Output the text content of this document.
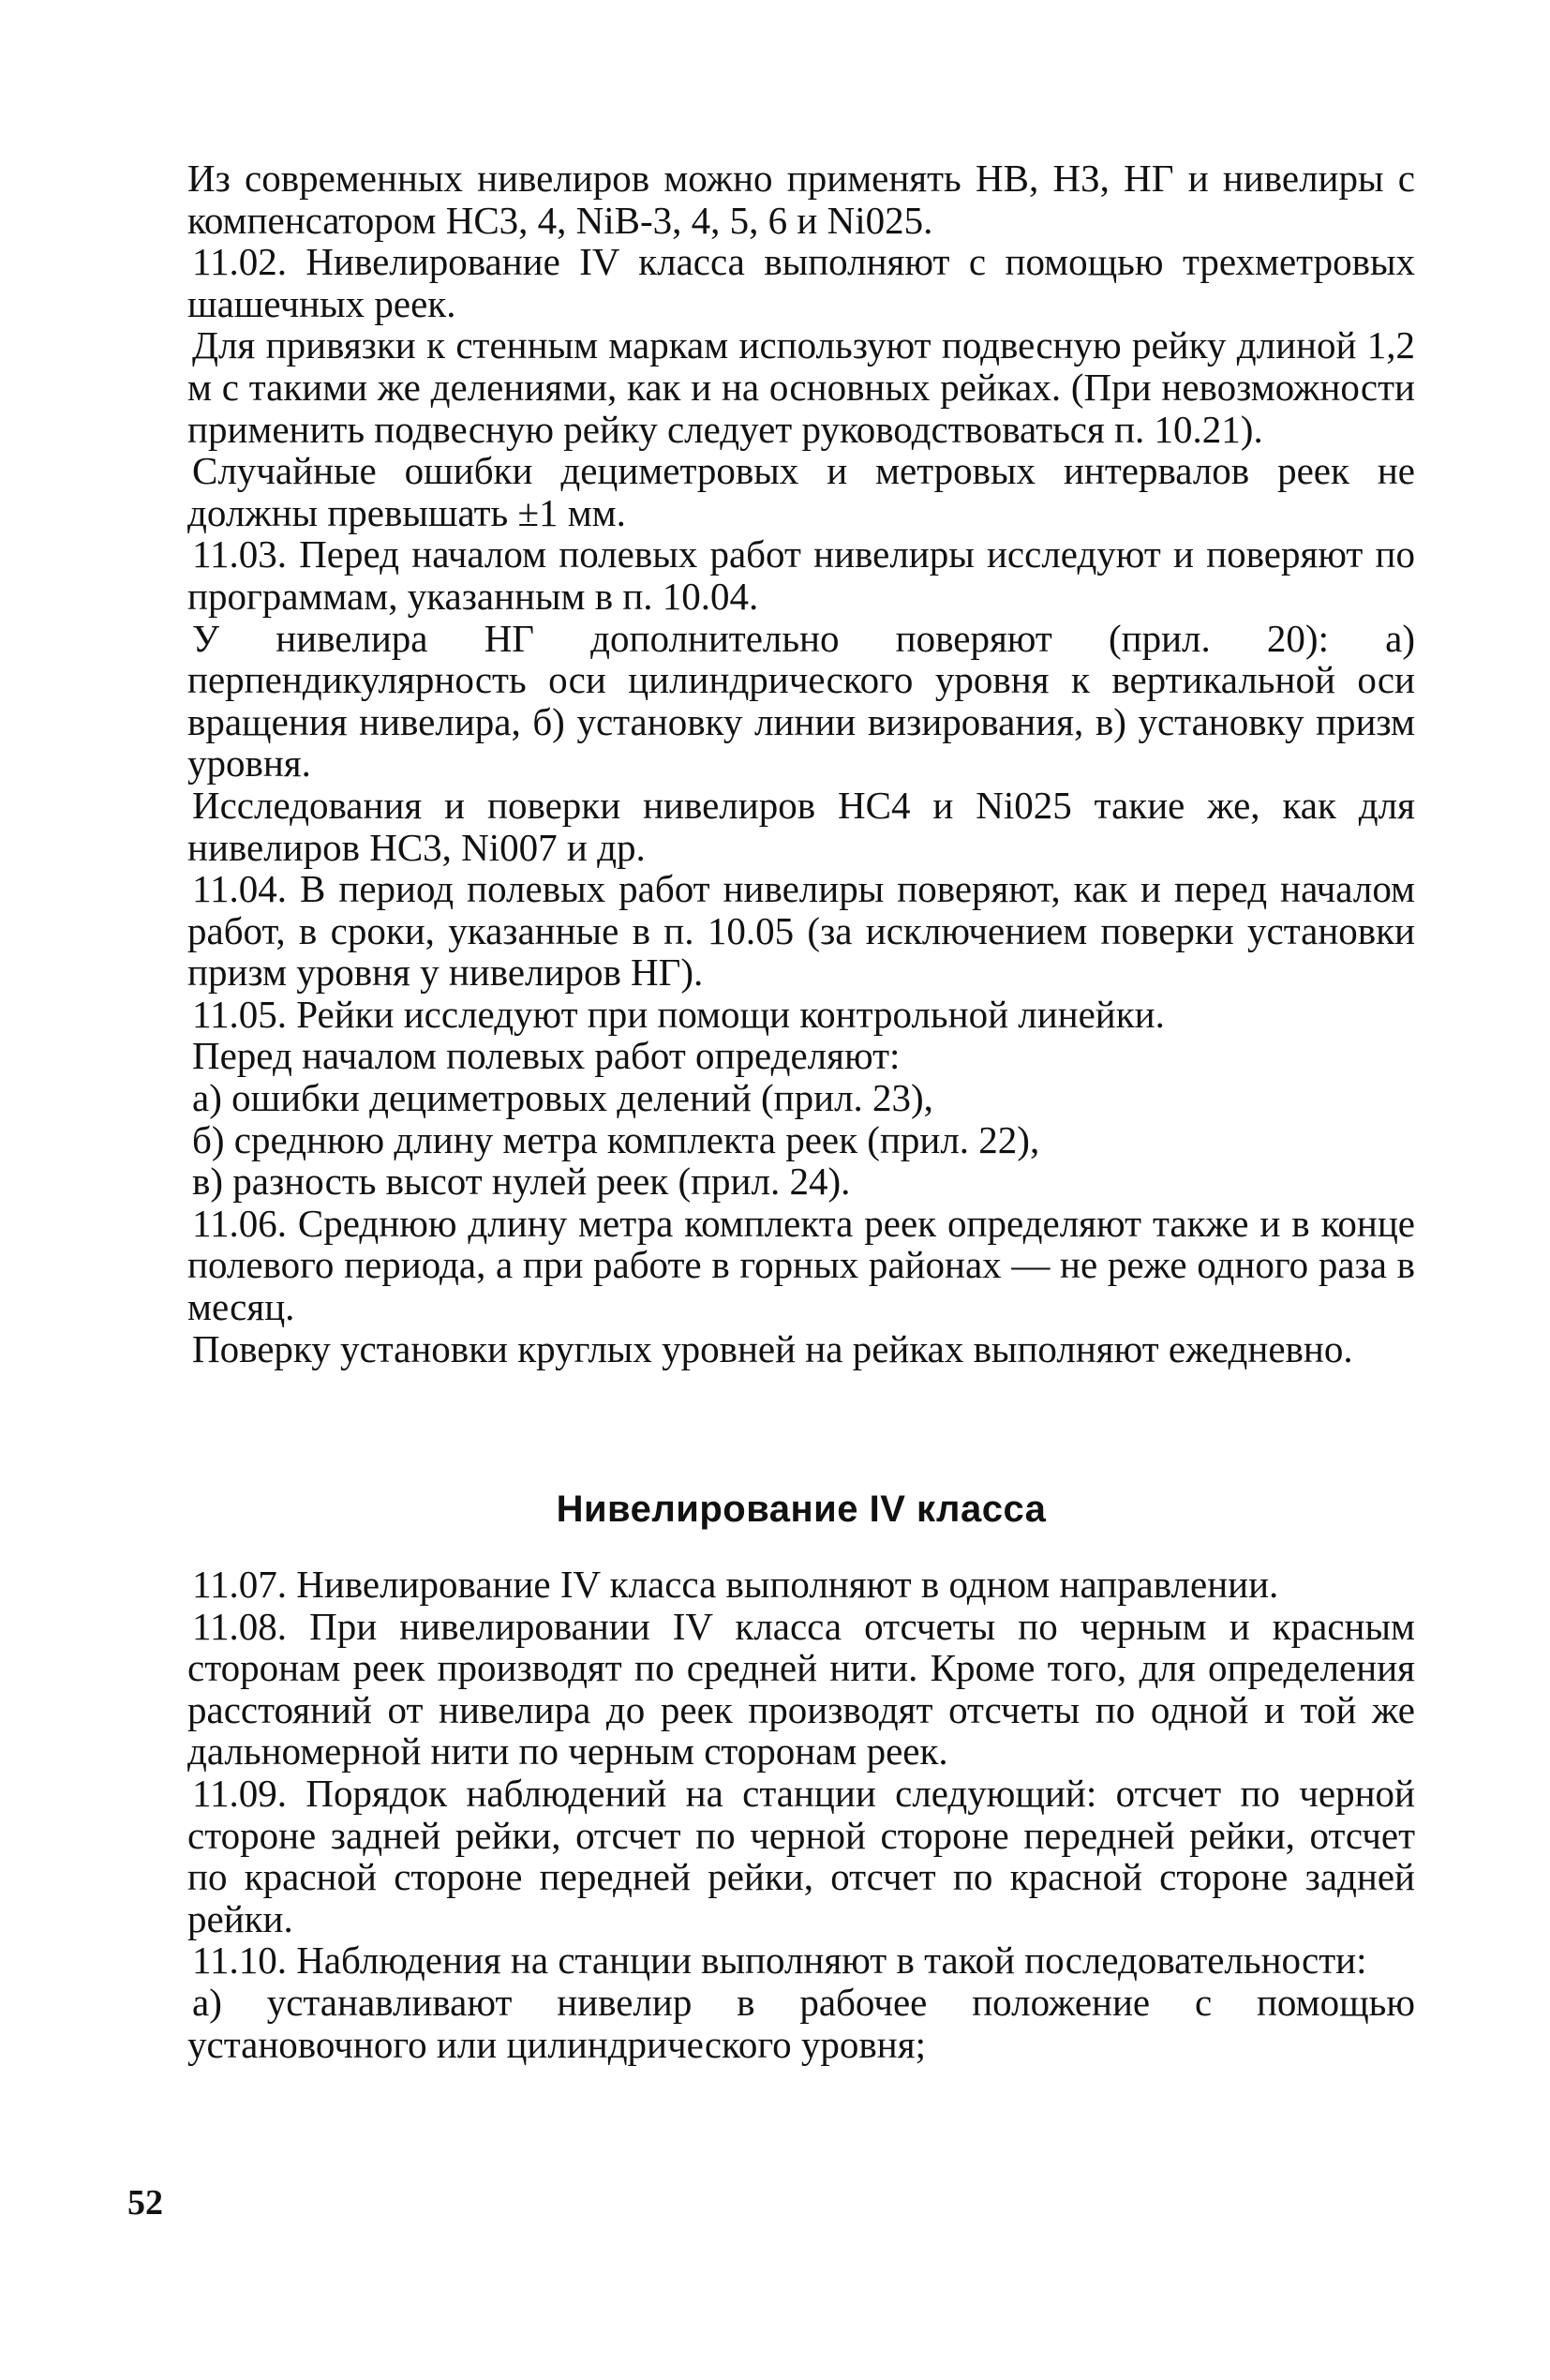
Из современных нивелиров можно применять НВ, НЗ, НГ и нивелиры с компенсатором НС3, 4, NiB-3, 4, 5, 6 и Ni025.

11.02. Нивелирование IV класса выполняют с помощью трехметровых шашечных реек.

Для привязки к стенным маркам используют подвесную рейку длиной 1,2 м с такими же делениями, как и на основных рейках. (При невозможности применить подвесную рейку следует руководствоваться п. 10.21).

Случайные ошибки дециметровых и метровых интервалов реек не должны превышать ±1 мм.

11.03. Перед началом полевых работ нивелиры исследуют и поверяют по программам, указанным в п. 10.04.

У нивелира НГ дополнительно поверяют (прил. 20): а) перпендикулярность оси цилиндрического уровня к вертикальной оси вращения нивелира, б) установку линии визирования, в) установку призм уровня.

Исследования и поверки нивелиров НС4 и Ni025 такие же, как для нивелиров НС3, Ni007 и др.

11.04. В период полевых работ нивелиры поверяют, как и перед началом работ, в сроки, указанные в п. 10.05 (за исключением поверки установки призм уровня у нивелиров НГ).

11.05. Рейки исследуют при помощи контрольной линейки.

Перед началом полевых работ определяют:

а) ошибки дециметровых делений (прил. 23),

б) среднюю длину метра комплекта реек (прил. 22),

в) разность высот нулей реек (прил. 24).

11.06. Среднюю длину метра комплекта реек определяют также и в конце полевого периода, а при работе в горных районах — не реже одного раза в месяц.

Поверку установки круглых уровней на рейках выполняют ежедневно.

Нивелирование IV класса

11.07. Нивелирование IV класса выполняют в одном направлении.

11.08. При нивелировании IV класса отсчеты по черным и красным сторонам реек производят по средней нити. Кроме того, для определения расстояний от нивелира до реек производят отсчеты по одной и той же дальномерной нити по черным сторонам реек.

11.09. Порядок наблюдений на станции следующий: отсчет по черной стороне задней рейки, отсчет по черной стороне передней рейки, отсчет по красной стороне передней рейки, отсчет по красной стороне задней рейки.

11.10. Наблюдения на станции выполняют в такой последовательности:

а) устанавливают нивелир в рабочее положение с помощью установочного или цилиндрического уровня;

52
